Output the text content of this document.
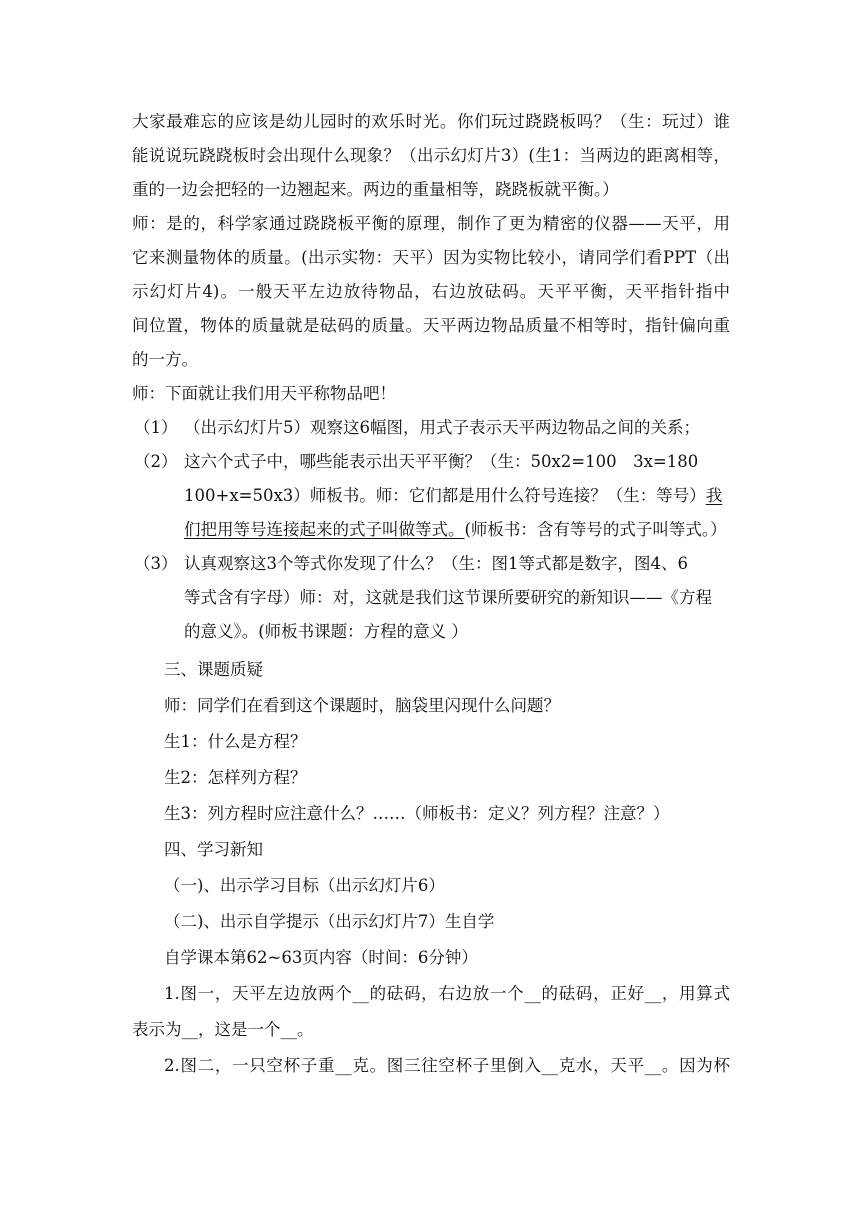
大家最难忘的应该是幼儿园时的欢乐时光。你们玩过跷跷板吗？（生：玩过）谁
能说说玩跷跷板时会出现什么现象？（出示幻灯片3）(生1：当两边的距离相等，
重的一边会把轻的一边翘起来。两边的重量相等，跷跷板就平衡。）
师：是的，科学家通过跷跷板平衡的原理，制作了更为精密的仪器——天平，用
它来测量物体的质量。(出示实物：天平）因为实物比较小，请同学们看PPT（出
示幻灯片4)。一般天平左边放待物品，右边放砝码。天平平衡，天平指针指中
间位置，物体的质量就是砝码的质量。天平两边物品质量不相等时，指针偏向重
的一方。
师：下面就让我们用天平称物品吧！
（1） （出示幻灯片5）观察这6幅图，用式子表示天平两边物品之间的关系；
（2） 这六个式子中，哪些能表示出天平平衡？（生：50x2=100　3x=180
100+x=50x3）师板书。师：它们都是用什么符号连接？（生：等号）我
们把用等号连接起来的式子叫做等式。(师板书：含有等号的式子叫等式。）
（3） 认真观察这3个等式你发现了什么？（生：图1等式都是数字，图4、6
等式含有字母）师：对，这就是我们这节课所要研究的新知识——《方程
的意义》。(师板书课题：方程的意义 ）
三、课题质疑
师：同学们在看到这个课题时，脑袋里闪现什么问题？
生1：什么是方程？
生2：怎样列方程？
生3：列方程时应注意什么？……（师板书：定义？列方程？注意？）
四、学习新知
（一)、出示学习目标（出示幻灯片6）
（二)、出示自学提示（出示幻灯片7）生自学
自学课本第62~63页内容（时间：6分钟）
1.图一，天平左边放两个__的砝码，右边放一个__的砝码，正好__，用算式
表示为__，这是一个__。
2.图二，一只空杯子重__克。图三往空杯子里倒入__克水，天平__。因为杯
